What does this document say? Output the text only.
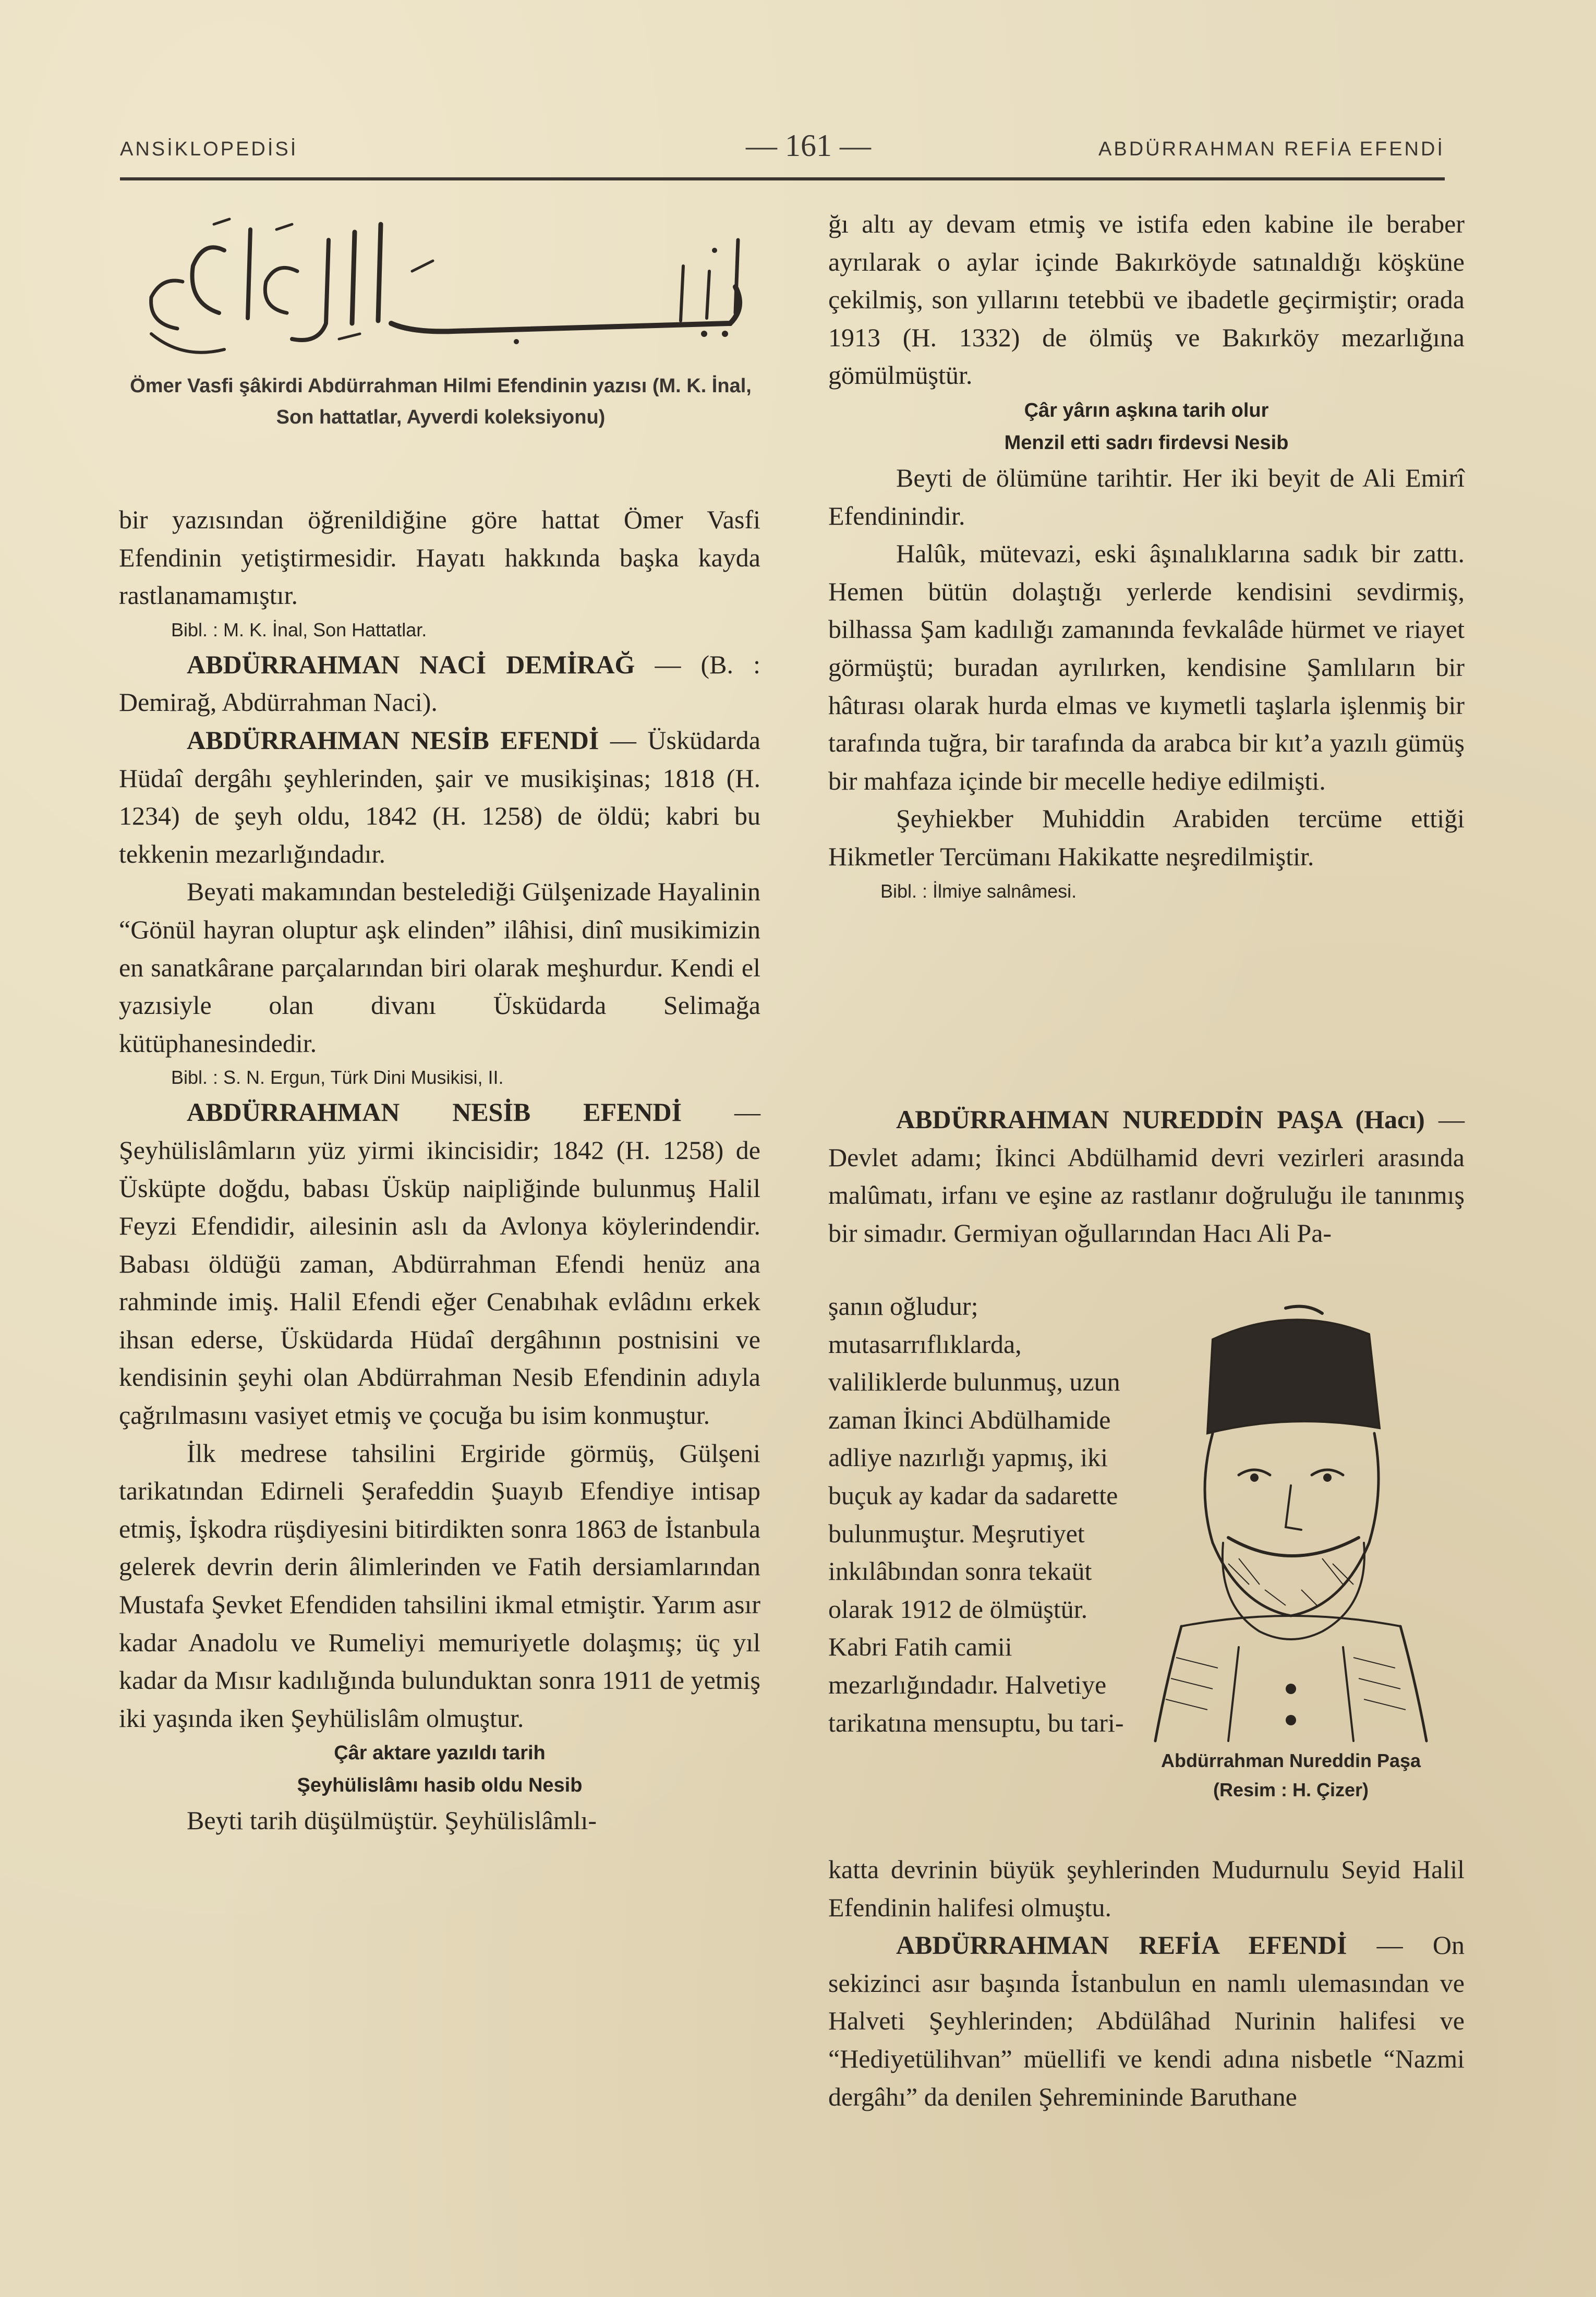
ANSİKLOPEDİSİ	— 161 —	ABDÜRRAHMAN REFİA EFENDİ
Ömer Vasfi şâkirdi Abdürrahman Hilmi Efendinin yazısı (M. K. İnal, Son hattatlar, Ayverdi koleksiyonu)

bir yazısından öğrenildiğine göre hattat Ömer Vasfi Efendinin yetiştirmesidir. Hayatı hakkında başka kayda rastlanamamıştır.

Bibl. : M. K. İnal, Son Hattatlar.

ABDÜRRAHMAN NACİ DEMİRAĞ — (B. : Demirağ, Abdürrahman Naci).

ABDÜRRAHMAN NESİB EFENDİ — Üsküdarda Hüdaî dergâhı şeyhlerinden, şair ve musikişinas; 1818 (H. 1234) de şeyh oldu, 1842 (H. 1258) de öldü; kabri bu tekkenin mezarlığındadır.

Beyati makamından bestelediği Gülşenizade Hayalinin “Gönül hayran oluptur aşk elinden” ilâhisi, dinî musikimizin en sanatkârane parçalarından biri olarak meşhurdur. Kendi el yazısiyle olan divanı Üsküdarda Selimağa kütüphanesindedir.

Bibl. : S. N. Ergun, Türk Dini Musikisi, II.

ABDÜRRAHMAN NESİB EFENDİ — Şeyhülislâmların yüz yirmi ikincisidir; 1842 (H. 1258) de Üsküpte doğdu, babası Üsküp naipliğinde bulunmuş Halil Feyzi Efendidir, ailesinin aslı da Avlonya köylerindendir. Babası öldüğü zaman, Abdürrahman Efendi henüz ana rahminde imiş. Halil Efendi eğer Cenabıhak evlâdını erkek ihsan ederse, Üsküdarda Hüdaî dergâhının postnisini ve kendisinin şeyhi olan Abdürrahman Nesib Efendinin adıyla çağrılmasını vasiyet etmiş ve çocuğa bu isim konmuştur.

İlk medrese tahsilini Ergiride görmüş, Gülşeni tarikatından Edirneli Şerafeddin Şuayıb Efendiye intisap etmiş, İşkodra rüşdiyesini bitirdikten sonra 1863 de İstanbula gelerek devrin derin âlimlerinden ve Fatih dersiamlarından Mustafa Şevket Efendiden tahsilini ikmal etmiştir. Yarım asır kadar Anadolu ve Rumeliyi memuriyetle dolaşmış; üç yıl kadar da Mısır kadılığında bulunduktan sonra 1911 de yetmiş iki yaşında iken Şeyhülislâm olmuştur.

Çâr aktare yazıldı tarih

Şeyhülislâmı hasib oldu Nesib

Beyti tarih düşülmüştür. Şeyhülislâmlı-

ğı altı ay devam etmiş ve istifa eden kabine ile beraber ayrılarak o aylar içinde Bakırköyde satınaldığı köşküne çekilmiş, son yıllarını tetebbü ve ibadetle geçirmiştir; orada 1913 (H. 1332) de ölmüş ve Bakırköy mezarlığına gömülmüştür.

Çâr yârın aşkına tarih olur

Menzil etti sadrı firdevsi Nesib

Beyti de ölümüne tarihtir. Her iki beyit de Ali Emirî Efendinindir.

Halûk, mütevazi, eski âşınalıklarına sadık bir zattı. Hemen bütün dolaştığı yerlerde kendisini sevdirmiş, bilhassa Şam kadılığı zamanında fevkalâde hürmet ve riayet görmüştü; buradan ayrılırken, kendisine Şamlıların bir hâtırası olarak hurda elmas ve kıymetli taşlarla işlenmiş bir tarafında tuğra, bir tarafında da arabca bir kıt’a yazılı gümüş bir mahfaza içinde bir mecelle hediye edilmişti.

Şeyhiekber Muhiddin Arabiden tercüme ettiği Hikmetler Tercümanı Hakikatte neşredilmiştir.

Bibl. : İlmiye salnâmesi.

ABDÜRRAHMAN NUREDDİN PAŞA (Hacı) — Devlet adamı; İkinci Abdülhamid devri vezirleri arasında malûmatı, irfanı ve eşine az rastlanır doğruluğu ile tanınmış bir simadır. Germiyan oğullarından Hacı Ali Pa-

şanın oğludur; mutasarrıflıklarda, valiliklerde bulunmuş, uzun zaman İkinci Abdülhamide adliye nazırlığı yapmış, iki buçuk ay kadar da sadarette bulunmuştur. Meşrutiyet inkılâbından sonra tekaüt olarak 1912 de ölmüştür. Kabri Fatih camii mezarlığındadır. Halvetiye tarikatına mensuptu, bu tari-
Abdürrahman Nureddin Paşa (Resim : H. Çizer)

katta devrinin büyük şeyhlerinden Mudurnulu Seyid Halil Efendinin halifesi olmuştu.

ABDÜRRAHMAN REFİA EFENDİ — On sekizinci asır başında İstanbulun en namlı ulemasından ve Halveti Şeyhlerinden; Abdülâhad Nurinin halifesi ve “Hediyetülihvan” müellifi ve kendi adına nisbetle “Nazmi dergâhı” da denilen Şehremininde Baruthane
